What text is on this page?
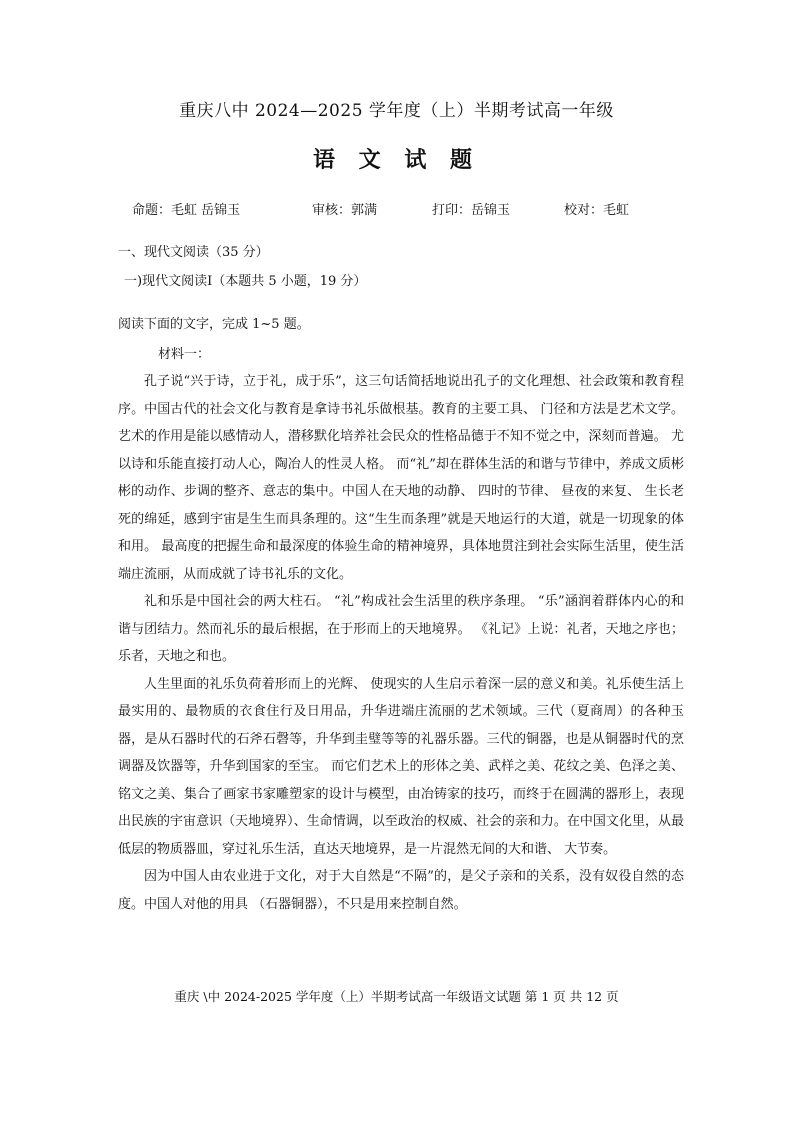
重庆八中 2024—2025 学年度（上）半期考试高一年级
语 文 试 题
命题：毛虹 岳锦玉	审核：郭满	打印：岳锦玉	校对：毛虹
一、现代文阅读（35 分）
一)现代文阅读Ⅰ（本题共 5 小题，19 分）
阅读下面的文字，完成 1~5 题。
材料一：

孔子说“兴于诗，立于礼，成于乐”，这三句话简括地说出孔子的文化理想、社会政策和教育程序。中国古代的社会文化与教育是拿诗书礼乐做根基。教育的主要工具、 门径和方法是艺术文学。艺术的作用是能以感情动人，潜移默化培养社会民众的性格品德于不知不觉之中，深刻而普遍。 尤以诗和乐能直接打动人心，陶冶人的性灵人格。 而“礼”却在群体生活的和谐与节律中，养成文质彬彬的动作、步调的整齐、意志的集中。中国人在天地的动静、 四时的节律、 昼夜的来复、 生长老死的绵延，感到宇宙是生生而具条理的。这“生生而条理”就是天地运行的大道，就是一切现象的体和用。 最高度的把握生命和最深度的体验生命的精神境界，具体地贯注到社会实际生活里，使生活端庄流丽，从而成就了诗书礼乐的文化。

礼和乐是中国社会的两大柱石。 “礼”构成社会生活里的秩序条理。 “乐”涵润着群体内心的和谐与团结力。然而礼乐的最后根据，在于形而上的天地境界。 《礼记》上说：礼者，天地之序也；乐者，天地之和也。

人生里面的礼乐负荷着形而上的光辉、 使现实的人生启示着深一层的意义和美。礼乐使生活上最实用的、最物质的衣食住行及日用品，升华进端庄流丽的艺术领域。三代（夏商周）的各种玉器，是从石器时代的石斧石磬等，升华到圭璧等等的礼器乐器。三代的铜器，也是从铜器时代的烹调器及饮器等，升华到国家的至宝。 而它们艺术上的形体之美、武样之美、花纹之美、色泽之美、铭文之美、集合了画家书家雕塑家的设计与模型，由冶铸家的技巧，而终于在圆满的器形上，表现出民族的宇宙意识（天地境界）、生命情调，以至政治的权威、社会的亲和力。在中国文化里，从最低层的物质器皿，穿过礼乐生活，直达天地境界，是一片混然无间的大和谐、 大节奏。

因为中国人由农业进于文化，对于大自然是“不隔”的，是父子亲和的关系，没有奴役自然的态度。中国人对他的用具 （石器铜器），不只是用来控制自然。

重庆 \中 2024-2025 学年度（上）半期考试高一年级语文试题 第 1 页 共 12 页
